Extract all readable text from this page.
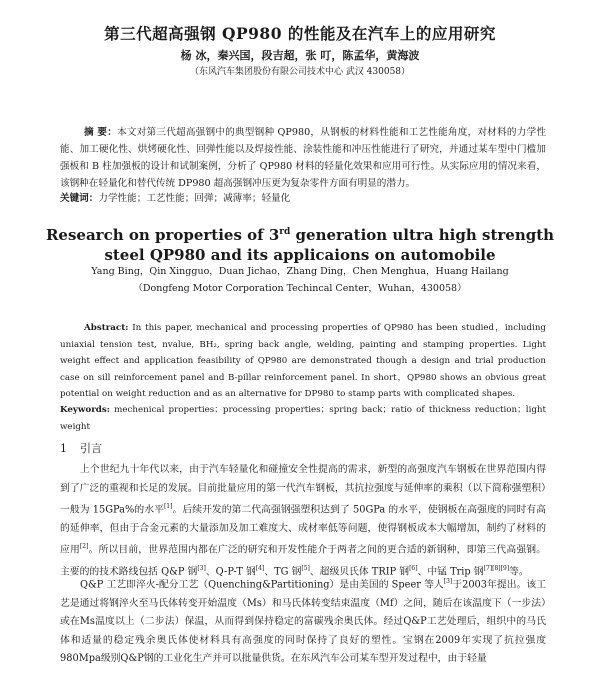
第三代超高强钢 QP980 的性能及在汽车上的应用研究
杨 冰，秦兴国，段吉超，张 叮，陈孟华，黄海波
（东风汽车集团股份有限公司技术中心 武汉 430058）
摘 要：本文对第三代超高强钢中的典型钢种 QP980，从钢板的材料性能和工艺性能角度，对材料的力学性能、加工硬化性、烘烤硬化性、回弹性能以及焊接性能、涂装性能和冲压性能进行了研究，并通过某车型中门槛加强板和 B 柱加强板的设计和试制案例，分析了 QP980 材料的轻量化效果和应用可行性。从实际应用的情况来看，该钢种在轻量化和替代传统 DP980 超高强钢冲压更为复杂零件方面有明显的潜力。
关键词：力学性能；工艺性能；回弹；减薄率；轻量化
Research on properties of 3rd generation ultra high strength steel QP980 and its applicaions on automobile
Yang Bing，Qin Xingguo，Duan Jichao，Zhang Ding，Chen Menghua，Huang Hailang
（Dongfeng Motor Corporation Techincal Center，Wuhan，430058）
Abstract: In this paper, mechanical and processing properties of QP980 has been studied，including uniaxial tension test, nvalue, BH₂, spring back angle, welding, painting and stamping properties. Light weight effect and application feasibility of QP980 are demonstrated though a design and trial production case on sill reinforcement panel and B-pillar reinforcement panel. In short，QP980 shows an obvious great potential on weight reduction and as an alternative for DP980 to stamp parts with complicated shapes.
Keywords: mechenical properties；processing properties；spring back；ratio of thickness reduction；light weight
1 引言
上个世纪九十年代以来，由于汽车轻量化和碰撞安全性提高的需求，新型的高强度汽车钢板在世界范围内得到了广泛的重视和长足的发展。目前批量应用的第一代汽车钢板，其抗拉强度与延伸率的乘积（以下简称强塑积）一般为 15GPa%的水平[1]。后续开发的第二代高强钢强塑积达到了 50GPa 的水平，使钢板在高强度的同时有高的延伸率，但由于合金元素的大量添加及加工难度大、成材率低等问题，使得钢板成本大幅增加，制约了材料的应用[2]。所以目前，世界范围内都在广泛的研究和开发性能介于两者之间的更合适的新钢种，即第三代高强钢。主要的的技术路线包括 Q&P 钢[3]、Q-P-T 钢[4]、TG 钢[5]、超级贝氏体 TRIP 钢[6]、中锰 Trip 钢[7][8][9]等。
Q&P 工艺即淬火-配分工艺（Quenching&Partitioning）是由美国的 Speer 等人[3]于2003年提出。该工艺是通过将钢淬火至马氏体转变开始温度（Ms）和马氏体转变结束温度（Mf）之间，随后在该温度下（一步法）或在Ms温度以上（二步法）保温，从而得到保持稳定的富碳残余奥氏体。经过Q&P工艺处理后，组织中的马氏体和适量的稳定残余奥氏体使材料具有高强度的同时保持了良好的塑性。宝钢在2009年实现了抗拉强度980Mpa级别Q&P钢的工业化生产并可以批量供货。在东风汽车公司某车型开发过程中，由于轻量
